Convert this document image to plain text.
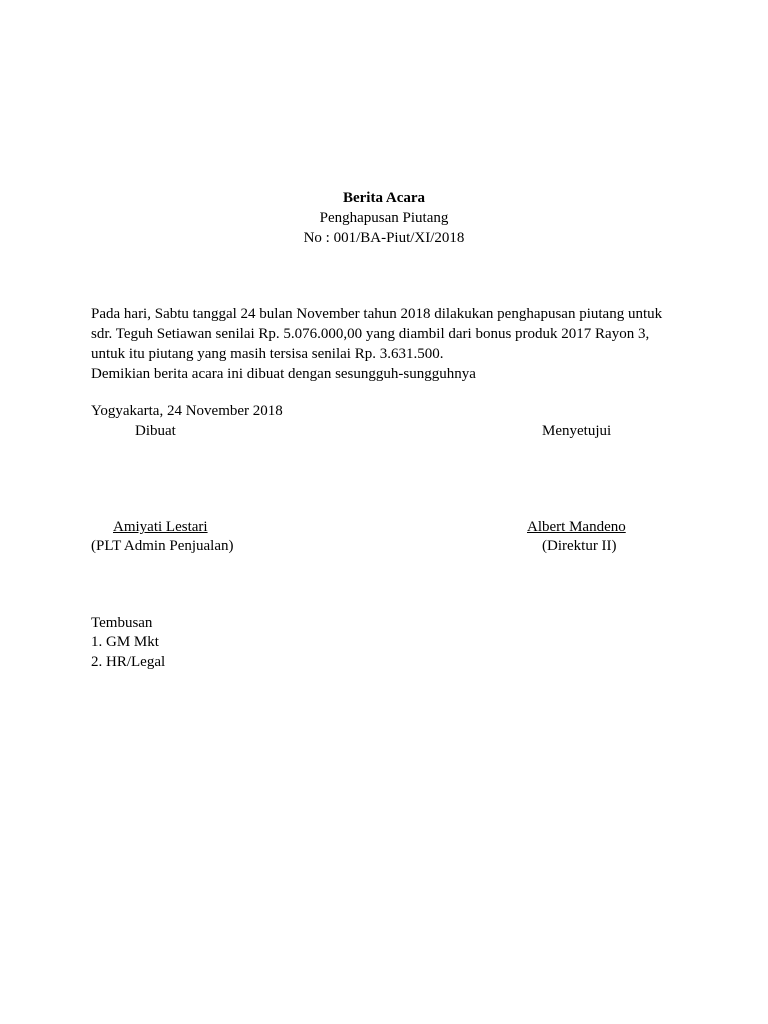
Berita Acara
Penghapusan Piutang
No : 001/BA-Piut/XI/2018
Pada hari, Sabtu tanggal 24 bulan November tahun 2018 dilakukan penghapusan piutang untuk
sdr. Teguh Setiawan senilai Rp. 5.076.000,00 yang diambil dari bonus produk 2017 Rayon 3,
untuk itu piutang yang masih tersisa senilai Rp. 3.631.500.
Demikian berita acara ini dibuat dengan sesungguh-sungguhnya
Yogyakarta, 24 November 2018
Dibuat	Menyetujui
Amiyati Lestari	Albert Mandeno
(PLT Admin Penjualan)	(Direktur II)
Tembusan
1. GM Mkt
2. HR/Legal
